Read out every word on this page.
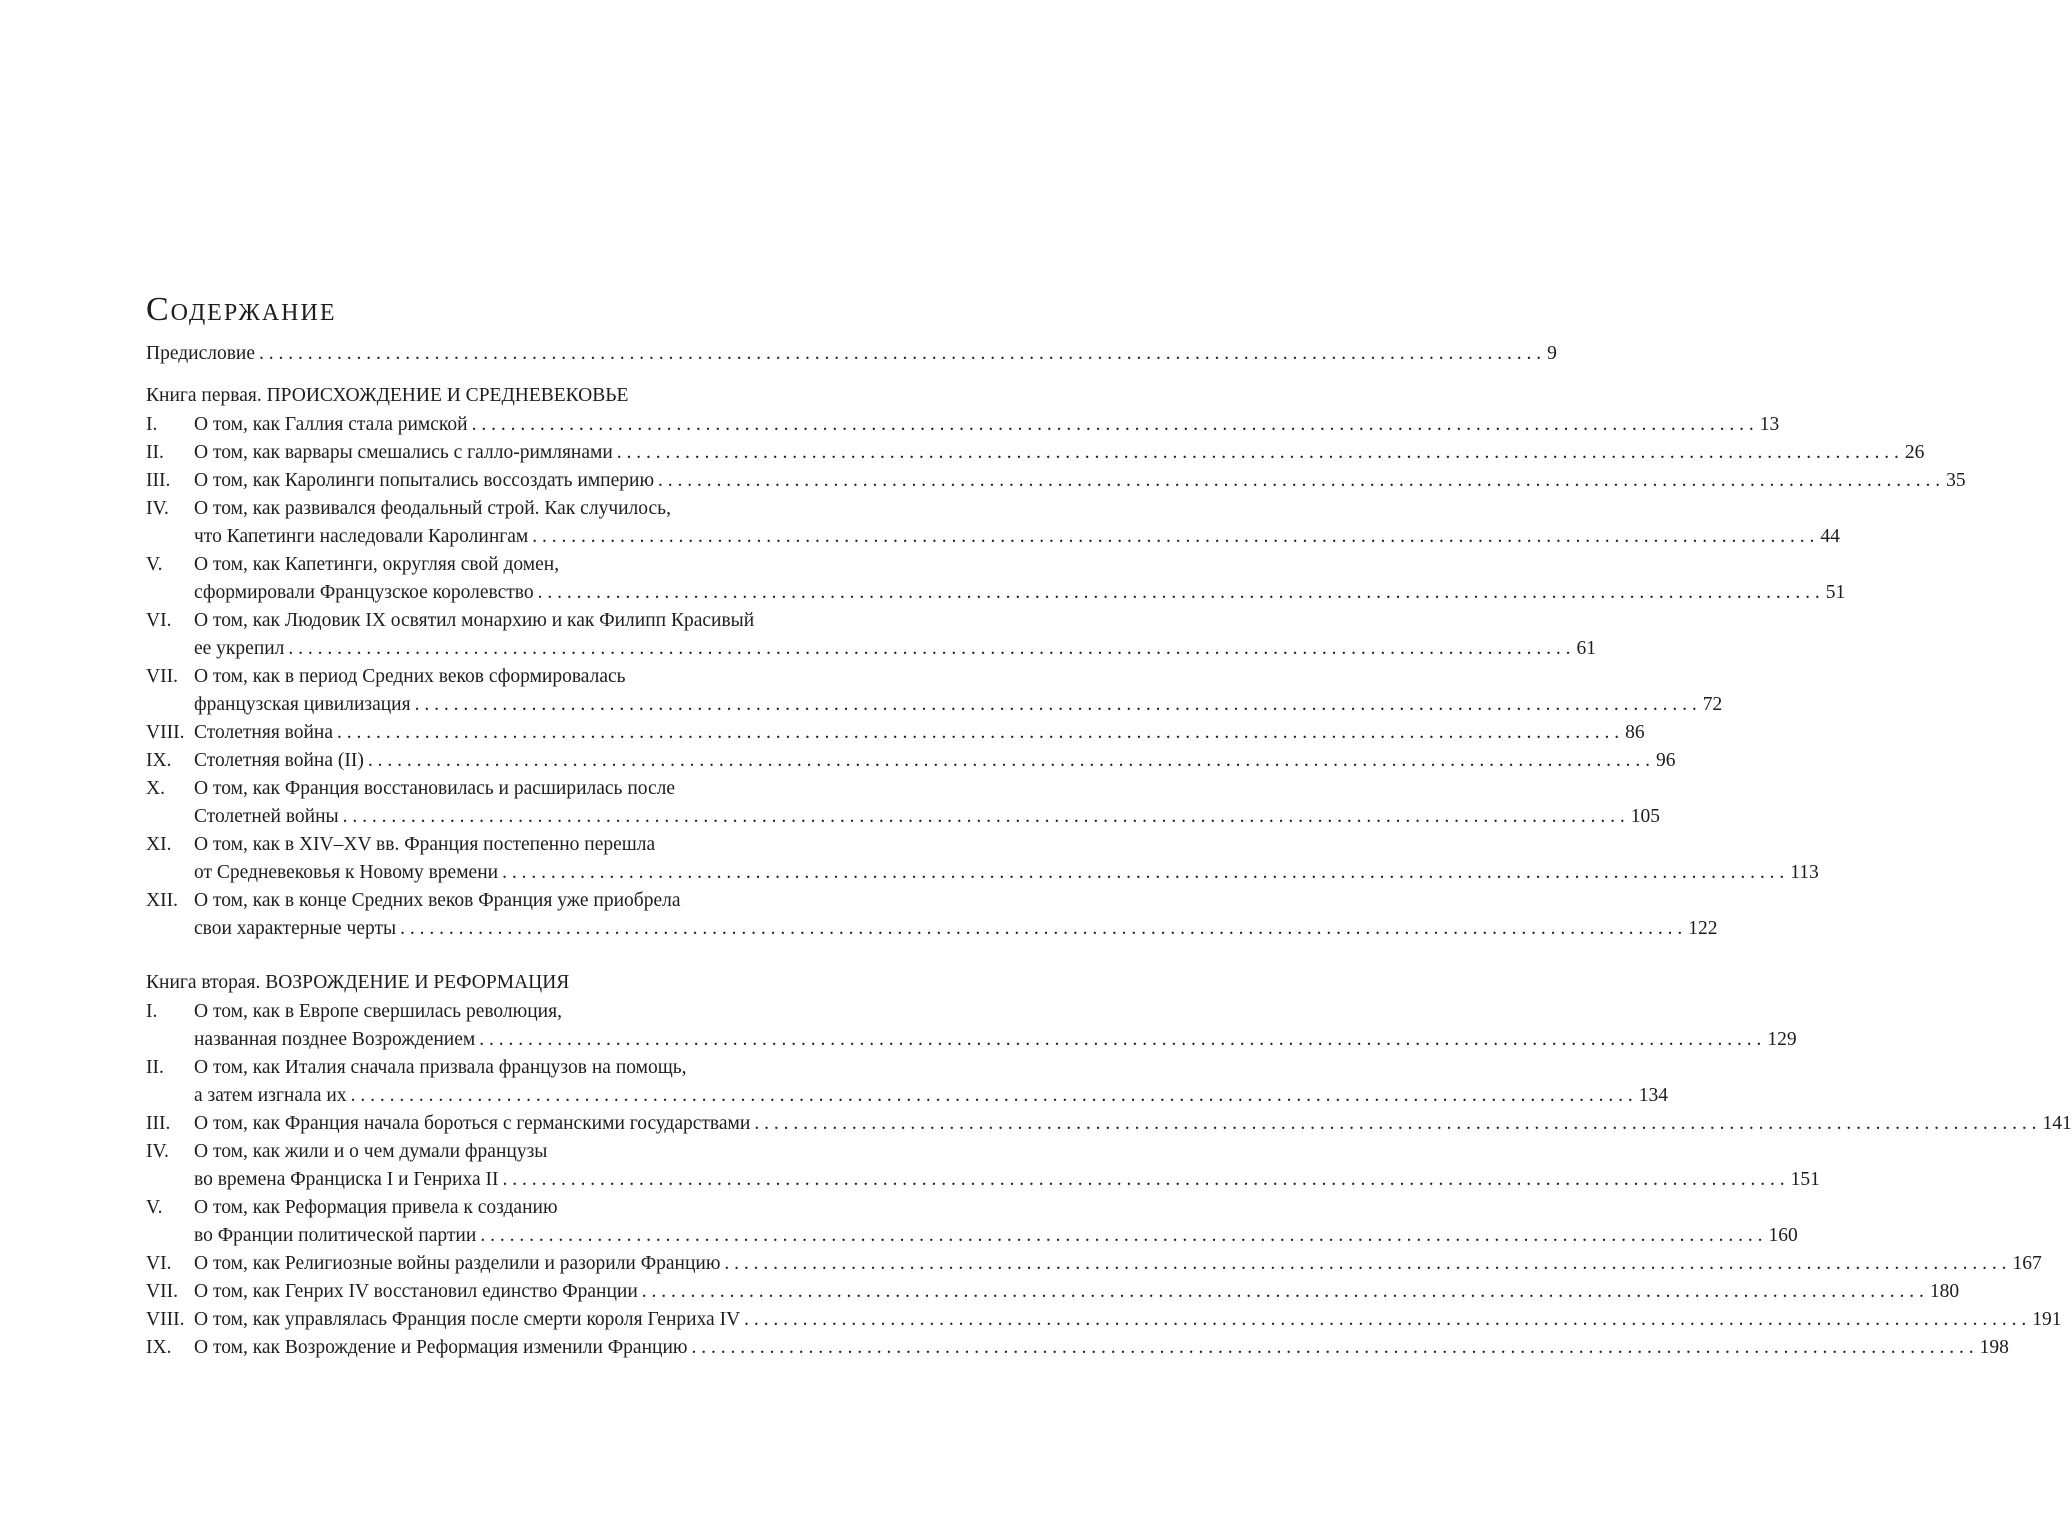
Содержание
Предисловие . . .	9
Книга первая. ПРОИСХОЖДЕНИЕ И СРЕДНЕВЕКОВЬЕ
I.	О том, как Галлия стала римской . . .	13
II.	О том, как варвары смешались с галло-римлянами . . .	26
III.	О том, как Каролинги попытались воссоздать империю . . .	35
IV.	О том, как развивался феодальный строй. Как случилось,
что Капетинги наследовали Каролингам . . .	44
V.	О том, как Капетинги, округляя свой домен,
сформировали Французское королевство . . .	51
VI.	О том, как Людовик IX освятил монархию и как Филипп Красивый
ее укрепил . . .	61
VII. О том, как в период Средних веков сформировалась
французская цивилизация . . .	72
VIII. Столетняя война . . .	86
IX.	Столетняя война (II) . . .	96
X.	О том, как Франция восстановилась и расширилась после
Столетней войны . . .	105
XI.	О том, как в XIV–XV вв. Франция постепенно перешла
от Средневековья к Новому времени . . .	113
XII. О том, как в конце Средних веков Франция уже приобрела
свои характерные черты . . .	122
Книга вторая. ВОЗРОЖДЕНИЕ И РЕФОРМАЦИЯ
I.	О том, как в Европе свершилась революция,
названная позднее Возрождением . . .	129
II.	О том, как Италия сначала призвала французов на помощь,
а затем изгнала их . . .	134
III.	О том, как Франция начала бороться с германскими государствами . . .	141
IV.	О том, как жили и о чем думали французы
во времена Франциска I и Генриха II . . .	151
V.	О том, как Реформация привела к созданию
во Франции политической партии . . .	160
VI.	О том, как Религиозные войны разделили и разорили Францию . . .	167
VII. О том, как Генрих IV восстановил единство Франции . . .	180
VIII. О том, как управлялась Франция после смерти короля Генриха IV . . .	191
IX.	О том, как Возрождение и Реформация изменили Францию . . .	198
